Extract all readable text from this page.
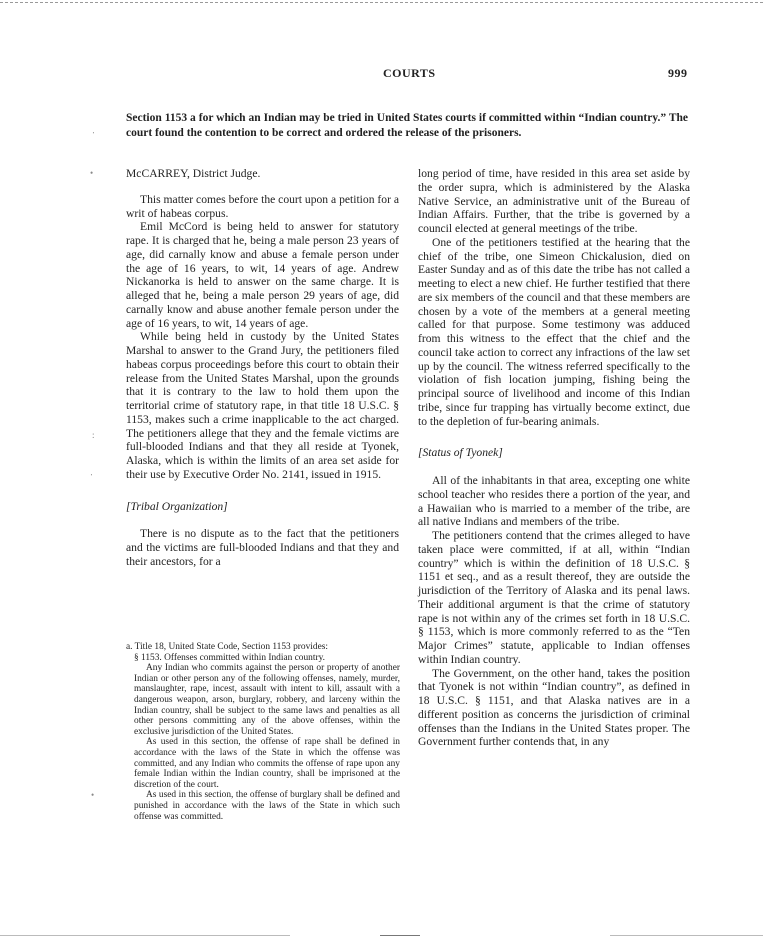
COURTS	999
Section 1153 a for which an Indian may be tried in United States courts if committed within “Indian country.” The court found the contention to be correct and ordered the release of the prisoners.
‧
•
:
‧
•

McCARREY, District Judge.

This matter comes before the court upon a petition for a writ of habeas corpus.

Emil McCord is being held to answer for statutory rape. It is charged that he, being a male person 23 years of age, did carnally know and abuse a female person under the age of 16 years, to wit, 14 years of age. Andrew Nickanorka is held to answer on the same charge. It is alleged that he, being a male person 29 years of age, did carnally know and abuse another female person under the age of 16 years, to wit, 14 years of age.

While being held in custody by the United States Marshal to answer to the Grand Jury, the petitioners filed habeas corpus proceedings before this court to obtain their release from the United States Marshal, upon the grounds that it is contrary to the law to hold them upon the territorial crime of statutory rape, in that title 18 U.S.C. § 1153, makes such a crime inapplicable to the act charged. The petitioners allege that they and the female victims are full-blooded Indians and that they all reside at Tyonek, Alaska, which is within the limits of an area set aside for their use by Executive Order No. 2141, issued in 1915.

[Tribal Organization]

There is no dispute as to the fact that the petitioners and the victims are full-blooded Indians and that they and their ancestors, for a

a. Title 18, United State Code, Section 1153 provides:

§ 1153. Offenses committed within Indian country.

Any Indian who commits against the person or property of another Indian or other person any of the following offenses, namely, murder, manslaughter, rape, incest, assault with intent to kill, assault with a dangerous weapon, arson, burglary, robbery, and larceny within the Indian country, shall be subject to the same laws and penalties as all other persons committing any of the above offenses, within the exclusive jurisdiction of the United States.

As used in this section, the offense of rape shall be defined in accordance with the laws of the State in which the offense was committed, and any Indian who commits the offense of rape upon any female Indian within the Indian country, shall be imprisoned at the discretion of the court.

As used in this section, the offense of burglary shall be defined and punished in accordance with the laws of the State in which such offense was committed.

long period of time, have resided in this area set aside by the order supra, which is administered by the Alaska Native Service, an administrative unit of the Bureau of Indian Affairs. Further, that the tribe is governed by a council elected at general meetings of the tribe.

One of the petitioners testified at the hearing that the chief of the tribe, one Simeon Chickalusion, died on Easter Sunday and as of this date the tribe has not called a meeting to elect a new chief. He further testified that there are six members of the council and that these members are chosen by a vote of the members at a general meeting called for that purpose. Some testimony was adduced from this witness to the effect that the chief and the council take action to correct any infractions of the law set up by the council. The witness referred specifically to the violation of fish location jumping, fishing being the principal source of livelihood and income of this Indian tribe, since fur trapping has virtually become extinct, due to the depletion of fur-bearing animals.

[Status of Tyonek]

All of the inhabitants in that area, excepting one white school teacher who resides there a portion of the year, and a Hawaiian who is married to a member of the tribe, are all native Indians and members of the tribe.

The petitioners contend that the crimes alleged to have taken place were committed, if at all, within “Indian country” which is within the definition of 18 U.S.C. § 1151 et seq., and as a result thereof, they are outside the jurisdiction of the Territory of Alaska and its penal laws. Their additional argument is that the crime of statutory rape is not within any of the crimes set forth in 18 U.S.C. § 1153, which is more commonly referred to as the “Ten Major Crimes” statute, applicable to Indian offenses within Indian country.

The Government, on the other hand, takes the position that Tyonek is not within “Indian country”, as defined in 18 U.S.C. § 1151, and that Alaska natives are in a different position as concerns the jurisdiction of criminal offenses than the Indians in the United States proper. The Government further contends that, in any
